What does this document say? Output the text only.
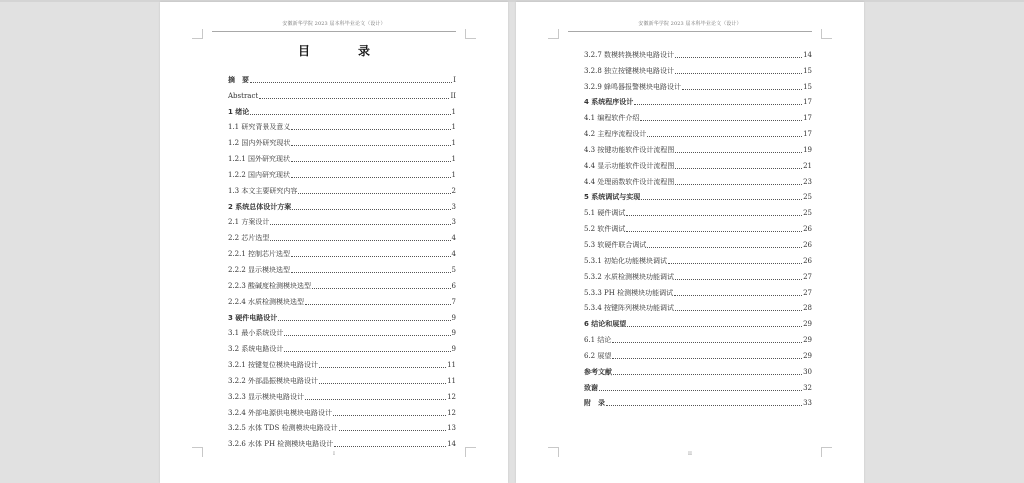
安徽新华学院 2023 届本科毕业论文（设计）
目　录
摘　要	I
Abstract	II
1 绪论	1
1.1 研究背景及意义	1
1.2 国内外研究现状	1
1.2.1 国外研究现状	1
1.2.2 国内研究现状	1
1.3 本文主要研究内容	2
2 系统总体设计方案	3
2.1 方案设计	3
2.2 芯片选型	4
2.2.1 控制芯片选型	4
2.2.2 显示模块选型	5
2.2.3 酸碱度检测模块选型	6
2.2.4 水质检测模块选型	7
3 硬件电路设计	9
3.1 最小系统设计	9
3.2 系统电路设计	9
3.2.1 按键复位模块电路设计	11
3.2.2 外部晶振模块电路设计	11
3.2.3 显示模块电路设计	12
3.2.4 外部电源供电模块电路设计	12
3.2.5 水体 TDS 检测模块电路设计	13
3.2.6 水体 PH 检测模块电路设计	14
I
安徽新华学院 2023 届本科毕业论文（设计）
3.2.7 数模转换模块电路设计	14
3.2.8 独立按键模块电路设计	15
3.2.9 蜂鸣器报警模块电路设计	15
4 系统程序设计	17
4.1 编程软件介绍	17
4.2 主程序流程设计	17
4.3 按键功能软件设计流程图	19
4.4 显示功能软件设计流程图	21
4.4 处理函数软件设计流程图	23
5 系统调试与实现	25
5.1 硬件调试	25
5.2 软件调试	26
5.3 软硬件联合调试	26
5.3.1 初始化功能模块调试	26
5.3.2 水质检测模块功能调试	27
5.3.3 PH 检测模块功能调试	27
5.3.4 按键阵列模块功能调试	28
6 结论和展望	29
6.1 结论	29
6.2 展望	29
参考文献	30
致谢	32
附　录	33
II
